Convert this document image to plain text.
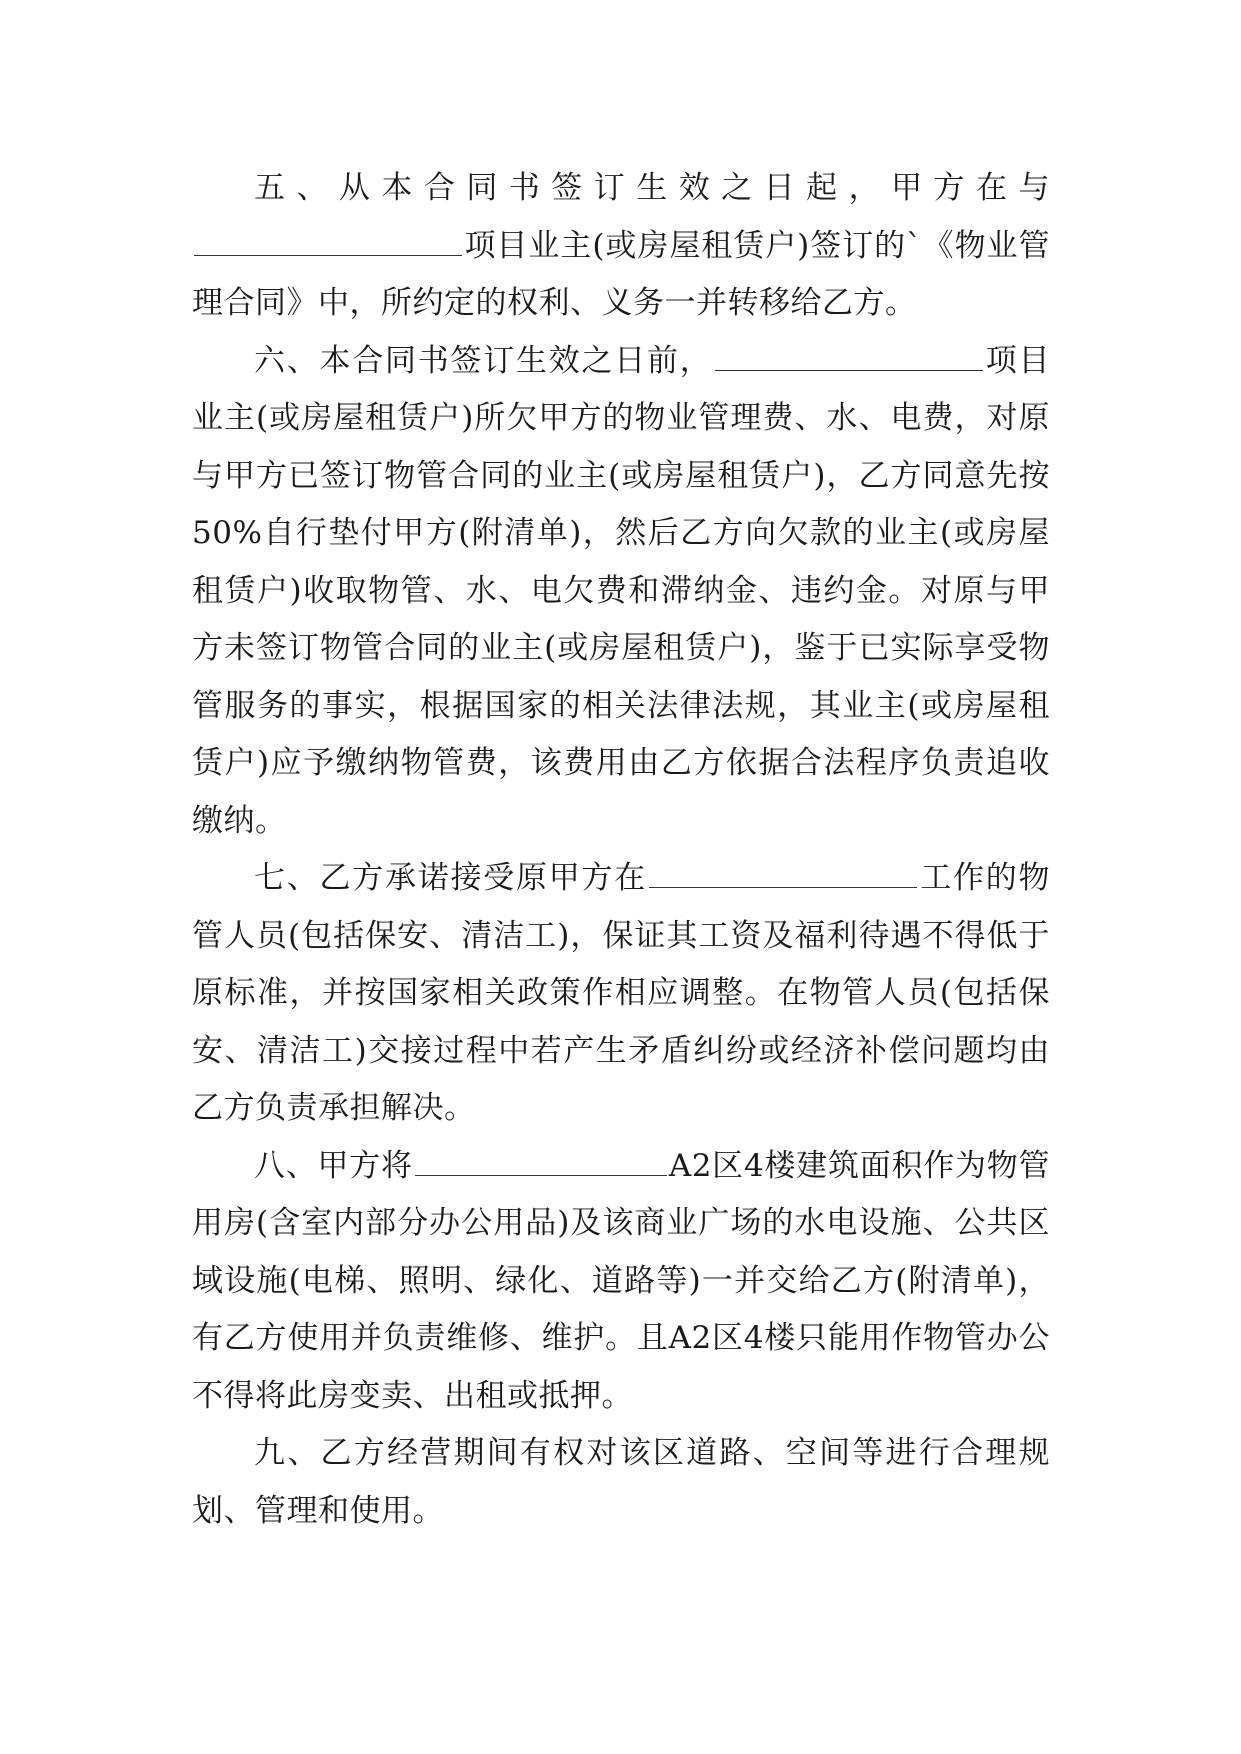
五、从本合同书签订生效之日起，甲方在与项目业主(或房屋租赁户)签订的`《物业管理合同》中，所约定的权利、义务一并转移给乙方。

六、本合同书签订生效之日前，	项目业主(或房屋租赁户)所欠甲方的物业管理费、水、电费，对原与甲方已签订物管合同的业主(或房屋租赁户)，乙方同意先按50%自行垫付甲方(附清单)，然后乙方向欠款的业主(或房屋租赁户)收取物管、水、电欠费和滞纳金、违约金。对原与甲方未签订物管合同的业主(或房屋租赁户)，鉴于已实际享受物管服务的事实，根据国家的相关法律法规，其业主(或房屋租赁户)应予缴纳物管费，该费用由乙方依据合法程序负责追收缴纳。

七、乙方承诺接受原甲方在	工作的物管人员(包括保安、清洁工)，保证其工资及福利待遇不得低于原标准，并按国家相关政策作相应调整。在物管人员(包括保安、清洁工)交接过程中若产生矛盾纠纷或经济补偿问题均由乙方负责承担解决。

八、甲方将	A2区4楼建筑面积作为物管用房(含室内部分办公用品)及该商业广场的水电设施、公共区域设施(电梯、照明、绿化、道路等)一并交给乙方(附清单)，有乙方使用并负责维修、维护。且A2区4楼只能用作物管办公不得将此房变卖、出租或抵押。

九、乙方经营期间有权对该区道路、空间等进行合理规划、管理和使用。
